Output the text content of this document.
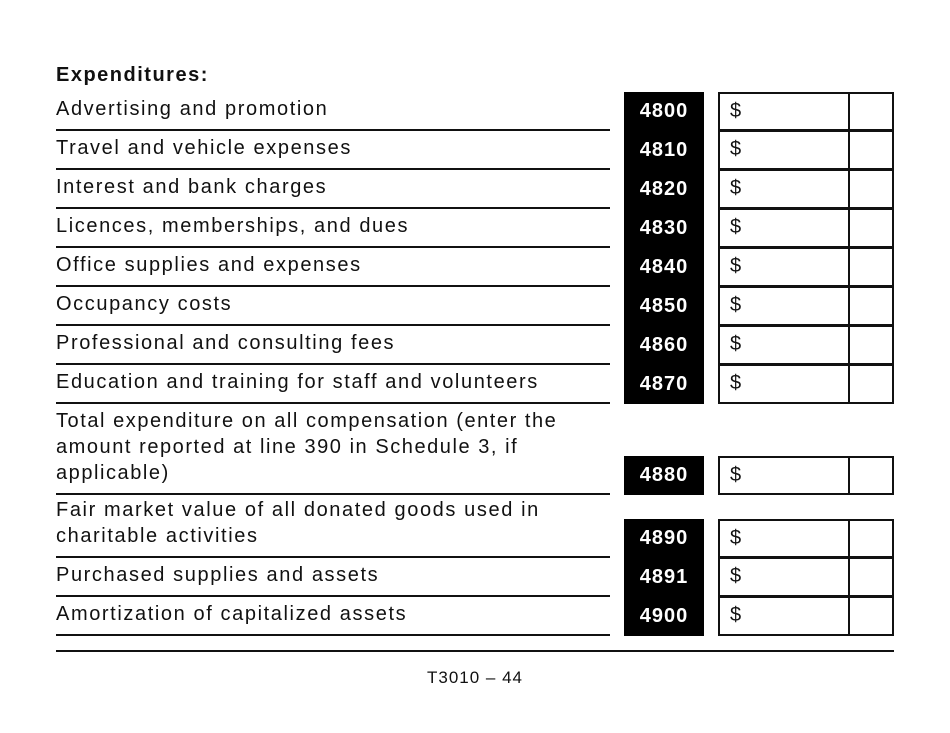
Expenditures:
Advertising and promotion	4800	$
Travel and vehicle expenses	4810	$
Interest and bank charges	4820	$
Licences, memberships, and dues	4830	$
Office supplies and expenses	4840	$
Occupancy costs	4850	$
Professional and consulting fees	4860	$
Education and training for staff and volunteers	4870	$
Total expenditure on all compensation (enter the amount reported at line 390 in Schedule 3, if applicable)	4880	$
Fair market value of all donated goods used in charitable activities	4890	$
Purchased supplies and assets	4891	$
Amortization of capitalized assets	4900	$
T3010 – 44
